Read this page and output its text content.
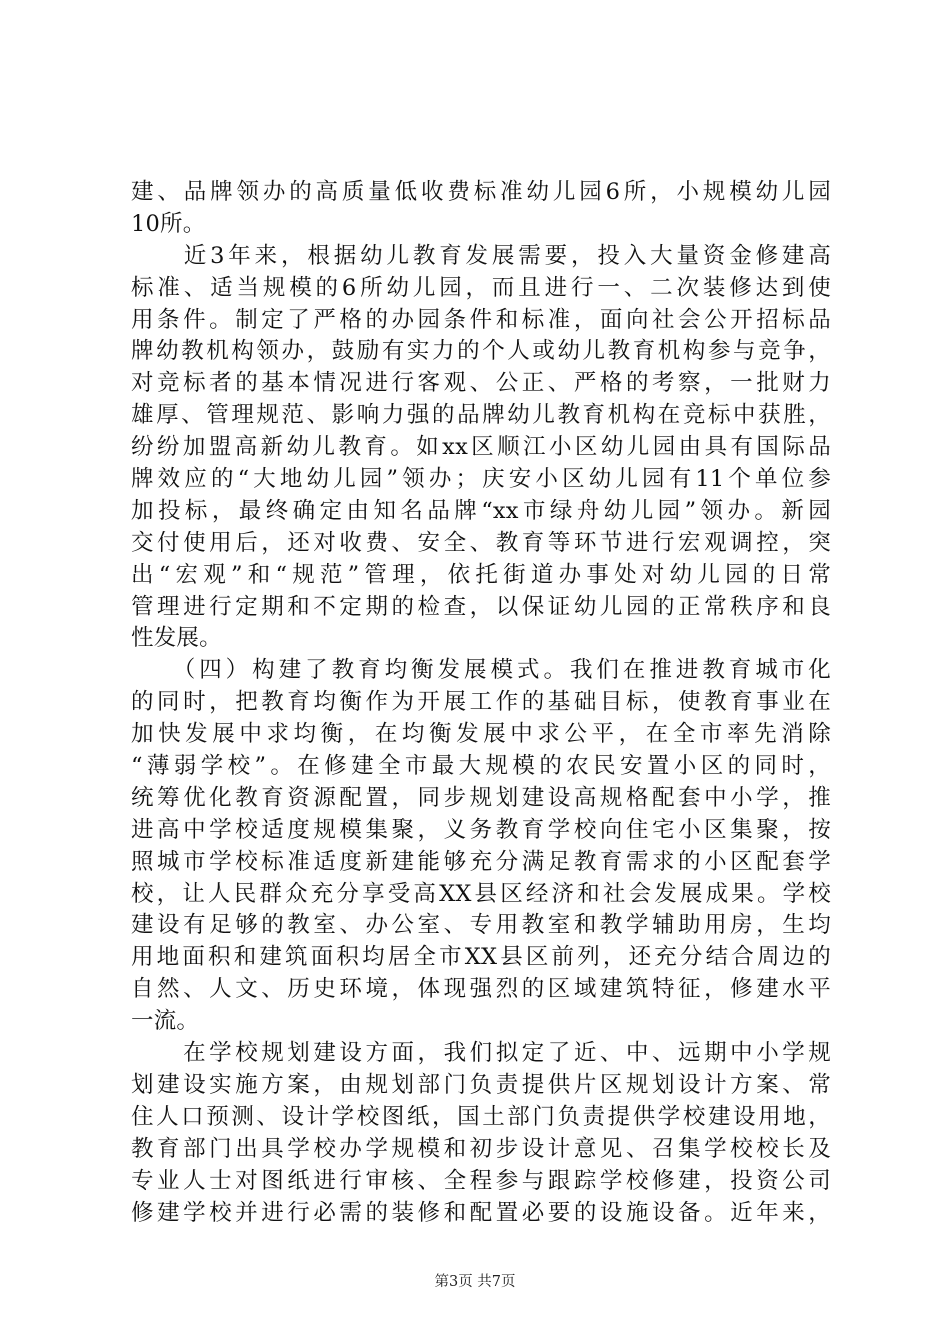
建、品牌领办的高质量低收费标准幼儿园6所，小规模幼儿园
10所。
　　近3年来，根据幼儿教育发展需要，投入大量资金修建高
标准、适当规模的6所幼儿园，而且进行一、二次装修达到使
用条件。制定了严格的办园条件和标准，面向社会公开招标品
牌幼教机构领办，鼓励有实力的个人或幼儿教育机构参与竞争，
对竞标者的基本情况进行客观、公正、严格的考察，一批财力
雄厚、管理规范、影响力强的品牌幼儿教育机构在竞标中获胜，
纷纷加盟高新幼儿教育。如xx区顺江小区幼儿园由具有国际品
牌效应的“大地幼儿园”领办；庆安小区幼儿园有11个单位参
加投标，最终确定由知名品牌“xx市绿舟幼儿园”领办。新园
交付使用后，还对收费、安全、教育等环节进行宏观调控，突
出“宏观”和“规范”管理，依托街道办事处对幼儿园的日常
管理进行定期和不定期的检查，以保证幼儿园的正常秩序和良
性发展。
　　（四）构建了教育均衡发展模式。我们在推进教育城市化
的同时，把教育均衡作为开展工作的基础目标，使教育事业在
加快发展中求均衡，在均衡发展中求公平，在全市率先消除
“薄弱学校”。在修建全市最大规模的农民安置小区的同时，
统筹优化教育资源配置，同步规划建设高规格配套中小学，推
进高中学校适度规模集聚，义务教育学校向住宅小区集聚，按
照城市学校标准适度新建能够充分满足教育需求的小区配套学
校，让人民群众充分享受高XX县区经济和社会发展成果。学校
建设有足够的教室、办公室、专用教室和教学辅助用房，生均
用地面积和建筑面积均居全市XX县区前列，还充分结合周边的
自然、人文、历史环境，体现强烈的区域建筑特征，修建水平
一流。
　　在学校规划建设方面，我们拟定了近、中、远期中小学规
划建设实施方案，由规划部门负责提供片区规划设计方案、常
住人口预测、设计学校图纸，国土部门负责提供学校建设用地，
教育部门出具学校办学规模和初步设计意见、召集学校校长及
专业人士对图纸进行审核、全程参与跟踪学校修建，投资公司
修建学校并进行必需的装修和配置必要的设施设备。近年来，
第3页 共7页
